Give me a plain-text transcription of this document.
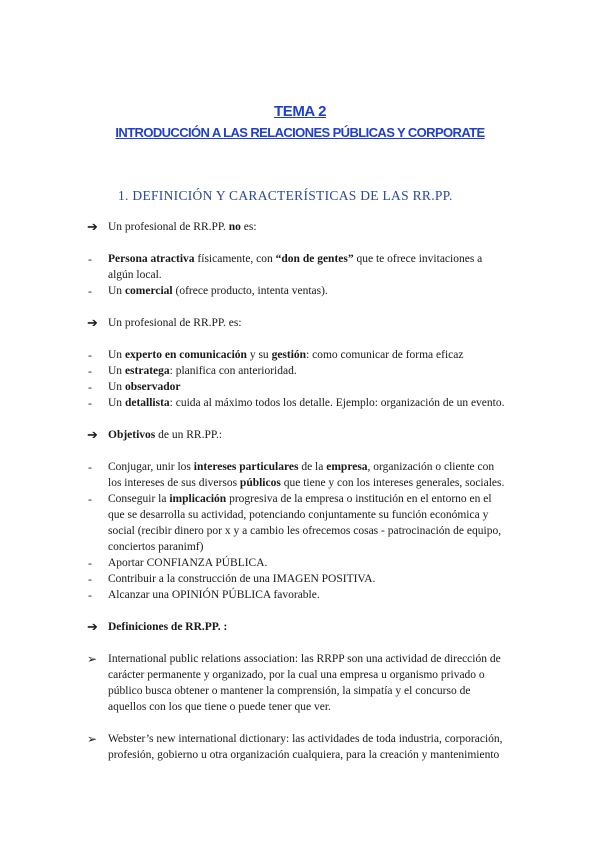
TEMA 2
INTRODUCCIÓN A LAS RELACIONES PÚBLICAS Y CORPORATE
1. DEFINICIÓN Y CARACTERÍSTICAS DE LAS RR.PP.
➔ Un profesional de RR.PP. no es:
- Persona atractiva físicamente, con “don de gentes” que te ofrece invitaciones a
algún local.
- Un comercial (ofrece producto, intenta ventas).
➔ Un profesional de RR.PP. es:
- Un experto en comunicación y su gestión: como comunicar de forma eficaz
- Un estratega: planifica con anterioridad.
- Un observador
- Un detallista: cuida al máximo todos los detalle. Ejemplo: organización de un evento.
➔ Objetivos de un RR.PP.:
- Conjugar, unir los intereses particulares de la empresa, organización o cliente con
los intereses de sus diversos públicos que tiene y con los intereses generales, sociales.
- Conseguir la implicación progresiva de la empresa o institución en el entorno en el
que se desarrolla su actividad, potenciando conjuntamente su función económica y
social (recibir dinero por x y a cambio les ofrecemos cosas - patrocinación de equipo,
conciertos paranimf)
- Aportar CONFIANZA PÚBLICA.
- Contribuir a la construcción de una IMAGEN POSITIVA.
- Alcanzar una OPINIÓN PÚBLICA favorable.
➔ Definiciones de RR.PP. :
➢ International public relations association: las RRPP son una actividad de dirección de
carácter permanente y organizado, por la cual una empresa u organismo privado o
público busca obtener o mantener la comprensión, la simpatía y el concurso de
aquellos con los que tiene o puede tener que ver.
➢ Webster’s new international dictionary: las actividades de toda industria, corporación,
profesión, gobierno u otra organización cualquiera, para la creación y mantenimiento
